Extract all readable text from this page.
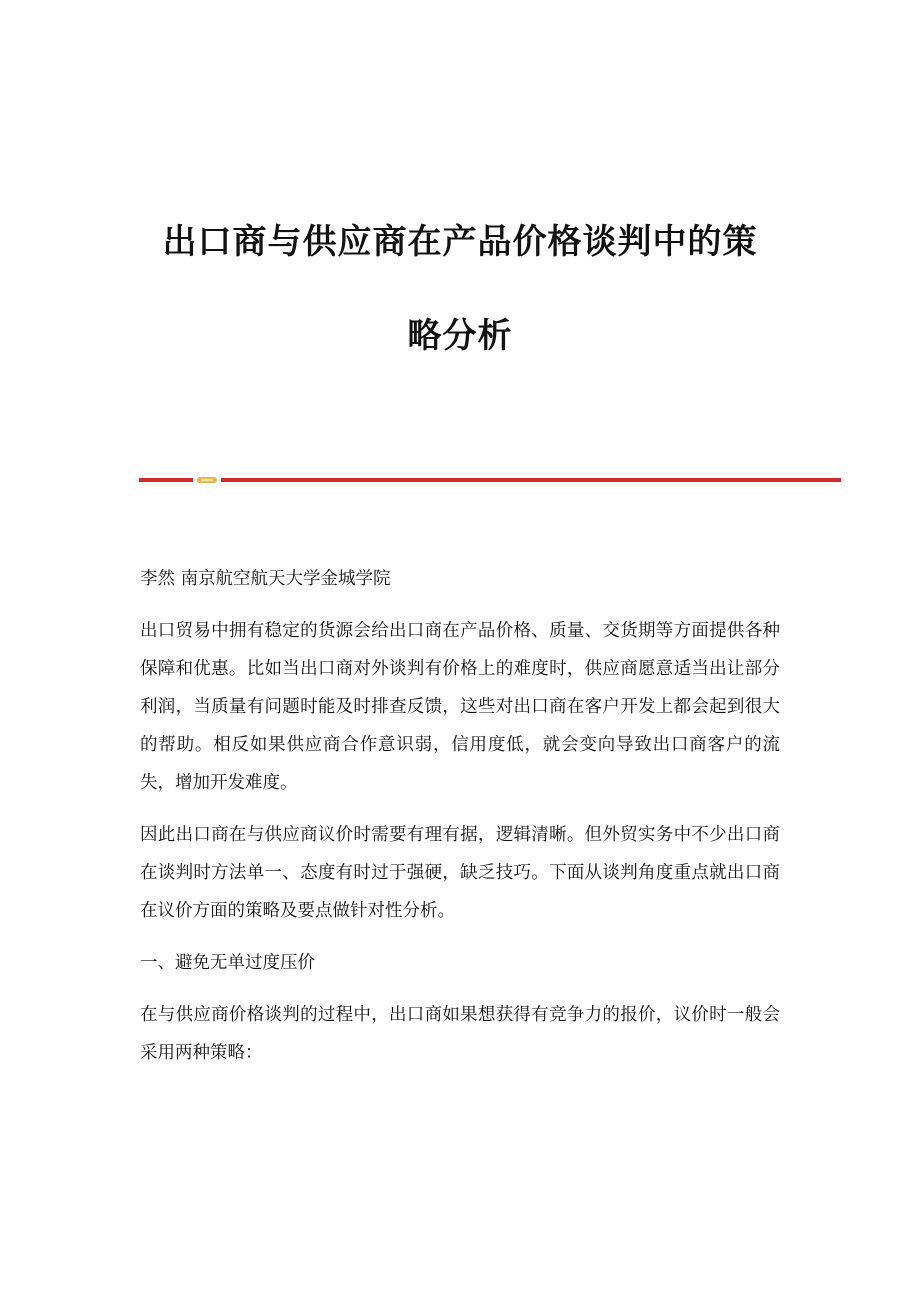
出口商与供应商在产品价格谈判中的策
略分析

李然 南京航空航天大学金城学院

出口贸易中拥有稳定的货源会给出口商在产品价格、质量、交货期等方面提供各种保障和优惠。比如当出口商对外谈判有价格上的难度时，供应商愿意适当出让部分利润，当质量有问题时能及时排查反馈，这些对出口商在客户开发上都会起到很大的帮助。相反如果供应商合作意识弱，信用度低，就会变向导致出口商客户的流失，增加开发难度。

因此出口商在与供应商议价时需要有理有据，逻辑清晰。但外贸实务中不少出口商在谈判时方法单一、态度有时过于强硬，缺乏技巧。下面从谈判角度重点就出口商在议价方面的策略及要点做针对性分析。

一、避免无单过度压价

在与供应商价格谈判的过程中，出口商如果想获得有竞争力的报价，议价时一般会采用两种策略：
